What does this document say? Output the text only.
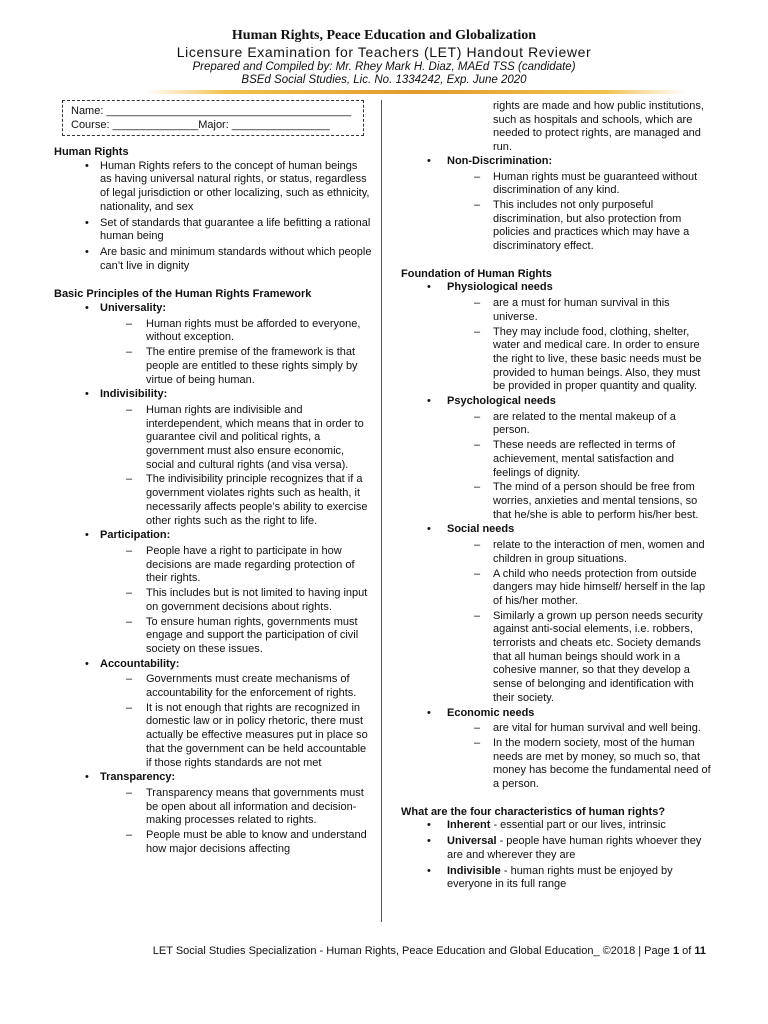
Human Rights, Peace Education and Globalization
Licensure Examination for Teachers (LET) Handout Reviewer
Prepared and Compiled by: Mr. Rhey Mark H. Diaz, MAEd TSS (candidate)
BSEd Social Studies, Lic. No. 1334242, Exp. June 2020
Name: ________________________________________
Course: ______________Major: ________________
Human Rights
• Human Rights refers to the concept of human beings as having universal natural rights, or status, regardless of legal jurisdiction or other localizing, such as ethnicity, nationality, and sex
• Set of standards that guarantee a life befitting a rational human being
• Are basic and minimum standards without which people can’t live in dignity
Basic Principles of the Human Rights Framework
• Universality:
– Human rights must be afforded to everyone, without exception.
– The entire premise of the framework is that people are entitled to these rights simply by virtue of being human.
• Indivisibility:
– Human rights are indivisible and interdependent, which means that in order to guarantee civil and political rights, a government must also ensure economic, social and cultural rights (and visa versa).
– The indivisibility principle recognizes that if a government violates rights such as health, it necessarily affects people’s ability to exercise other rights such as the right to life.
• Participation:
– People have a right to participate in how decisions are made regarding protection of their rights.
– This includes but is not limited to having input on government decisions about rights.
– To ensure human rights, governments must engage and support the participation of civil society on these issues.
• Accountability:
– Governments must create mechanisms of accountability for the enforcement of rights.
– It is not enough that rights are recognized in domestic law or in policy rhetoric, there must actually be effective measures put in place so that the government can be held accountable if those rights standards are not met
• Transparency:
– Transparency means that governments must be open about all information and decision-making processes related to rights.
– People must be able to know and understand how major decisions affecting
rights are made and how public institutions, such as hospitals and schools, which are needed to protect rights, are managed and run.
• Non-Discrimination:
– Human rights must be guaranteed without discrimination of any kind.
– This includes not only purposeful discrimination, but also protection from policies and practices which may have a discriminatory effect.
Foundation of Human Rights
• Physiological needs
– are a must for human survival in this universe.
– They may include food, clothing, shelter, water and medical care. In order to ensure the right to live, these basic needs must be provided to human beings. Also, they must be provided in proper quantity and quality.
• Psychological needs
– are related to the mental makeup of a person.
– These needs are reflected in terms of achievement, mental satisfaction and feelings of dignity.
– The mind of a person should be free from worries, anxieties and mental tensions, so that he/she is able to perform his/her best.
• Social needs
– relate to the interaction of men, women and children in group situations.
– A child who needs protection from outside dangers may hide himself/ herself in the lap of his/her mother.
– Similarly a grown up person needs security against anti-social elements, i.e. robbers, terrorists and cheats etc. Society demands that all human beings should work in a cohesive manner, so that they develop a sense of belonging and identification with their society.
• Economic needs
– are vital for human survival and well being.
– In the modern society, most of the human needs are met by money, so much so, that money has become the fundamental need of a person.
What are the four characteristics of human rights?
• Inherent - essential part or our lives, intrinsic
• Universal - people have human rights whoever they are and wherever they are
• Indivisible - human rights must be enjoyed by everyone in its full range
LET Social Studies Specialization - Human Rights, Peace Education and Global Education_ ©2018 | Page 1 of 11
